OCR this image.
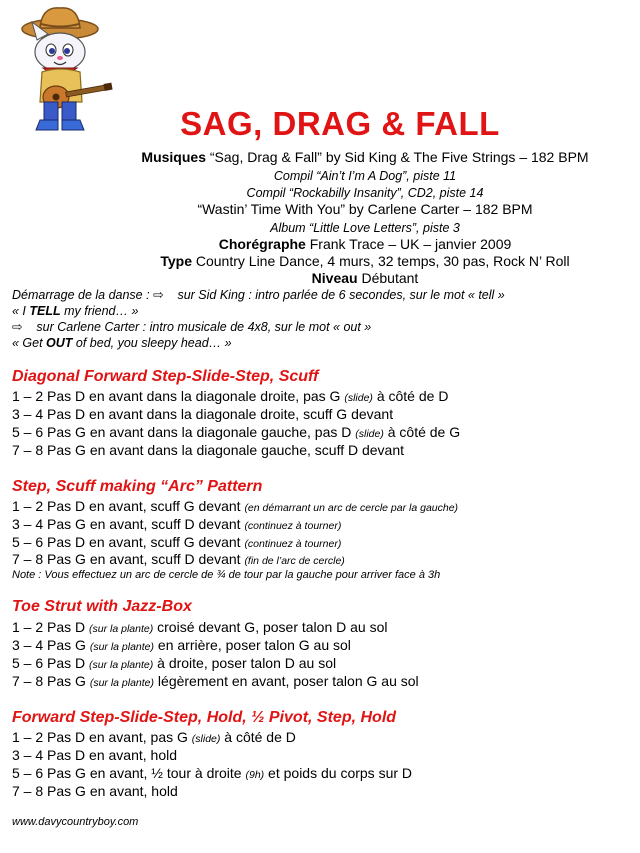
SAG, DRAG & FALL
Musiques “Sag, Drag & Fall” by Sid King & The Five Strings – 182 BPM
Compil “Ain’t I’m A Dog”, piste 11
Compil “Rockabilly Insanity”, CD2, piste 14
“Wastin’ Time With You” by Carlene Carter – 182 BPM
Album “Little Love Letters”, piste 3
Chorégraphe Frank Trace – UK – janvier 2009
Type Country Line Dance, 4 murs, 32 temps, 30 pas, Rock N’ Roll
Niveau Débutant
Démarrage de la danse : ⇨ sur Sid King : intro parlée de 6 secondes, sur le mot « tell »
« I TELL my friend… »
⇨ sur Carlene Carter : intro musicale de 4x8, sur le mot « out »
« Get OUT of bed, you sleepy head… »
Diagonal Forward Step-Slide-Step, Scuff
1 – 2 Pas D en avant dans la diagonale droite, pas G (slide) à côté de D
3 – 4 Pas D en avant dans la diagonale droite, scuff G devant
5 – 6 Pas G en avant dans la diagonale gauche, pas D (slide) à côté de G
7 – 8 Pas G en avant dans la diagonale gauche, scuff D devant
Step, Scuff making “Arc” Pattern
1 – 2 Pas D en avant, scuff G devant (en démarrant un arc de cercle par la gauche)
3 – 4 Pas G en avant, scuff D devant (continuez à tourner)
5 – 6 Pas D en avant, scuff G devant (continuez à tourner)
7 – 8 Pas G en avant, scuff D devant (fin de l’arc de cercle)
Note : Vous effectuez un arc de cercle de ¾ de tour par la gauche pour arriver face à 3h
Toe Strut with Jazz-Box
1 – 2 Pas D (sur la plante) croisé devant G, poser talon D au sol
3 – 4 Pas G (sur la plante) en arrière, poser talon G au sol
5 – 6 Pas D (sur la plante) à droite, poser talon D au sol
7 – 8 Pas G (sur la plante) légèrement en avant, poser talon G au sol
Forward Step-Slide-Step, Hold, ½ Pivot, Step, Hold
1 – 2 Pas D en avant, pas G (slide) à côté de D
3 – 4 Pas D en avant, hold
5 – 6 Pas G en avant, ½ tour à droite (9h) et poids du corps sur D
7 – 8 Pas G en avant, hold
www.davycountryboy.com
